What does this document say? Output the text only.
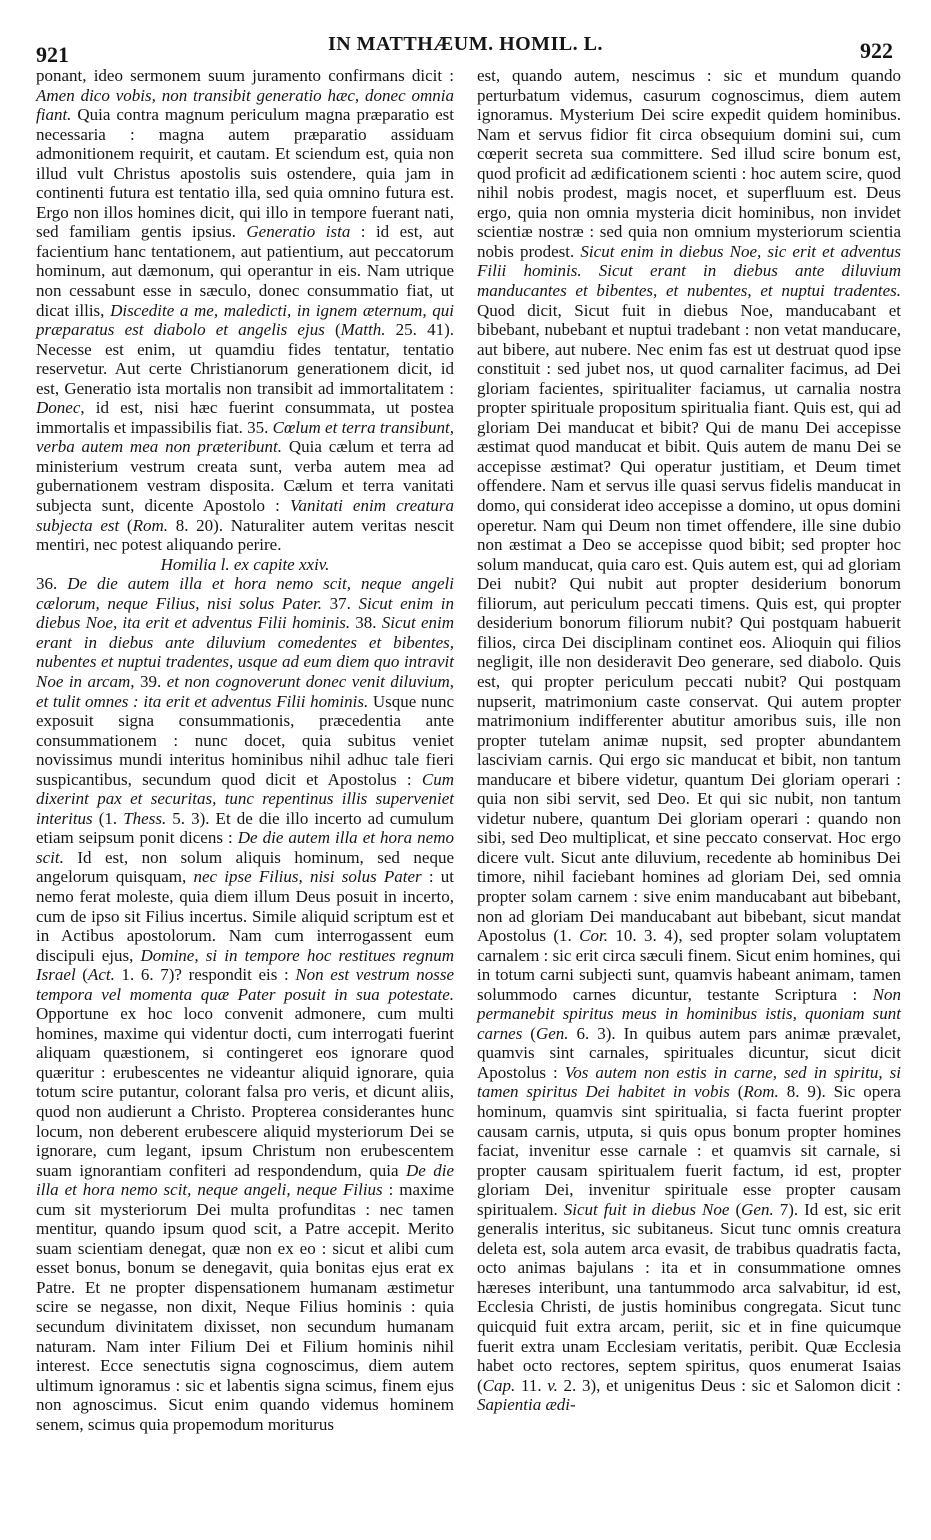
921	IN MATTHÆUM. HOMIL. L.	922

ponant, ideo sermonem suum juramento confirmans dicit : Amen dico vobis, non transibit generatio hæc, donec omnia fiant. Quia contra magnum periculum magna præparatio est necessaria : magna autem præparatio assiduam admonitionem requirit, et cautam. Et sciendum est, quia non illud vult Christus apostolis suis ostendere, quia jam in continenti futura est tentatio illa, sed quia omnino futura est. Ergo non illos homines dicit, qui illo in tempore fuerant nati, sed familiam gentis ipsius. Generatio ista : id est, aut facientium hanc tentationem, aut patientium, aut peccatorum hominum, aut dæmonum, qui operantur in eis. Nam utrique non cessabunt esse in sæculo, donec consummatio fiat, ut dicat illis, Discedite a me, maledicti, in ignem æternum, qui præparatus est diabolo et angelis ejus (Matth. 25. 41). Necesse est enim, ut quamdiu fides tentatur, tentatio reservetur. Aut certe Christianorum generationem dicit, id est, Generatio ista mortalis non transibit ad immortalitatem : Donec, id est, nisi hæc fuerint consummata, ut postea immortalis et impassibilis fiat. 35. Cœlum et terra transibunt, verba autem mea non præteribunt. Quia cælum et terra ad ministerium vestrum creata sunt, verba autem mea ad gubernationem vestram disposita. Cælum et terra vanitati subjecta sunt, dicente Apostolo : Vanitati enim creatura subjecta est (Rom. 8. 20). Naturaliter autem veritas nescit mentiri, nec potest aliquando perire.

Homilia l. ex capite xxiv.

36. De die autem illa et hora nemo scit, neque angeli cælorum, neque Filius, nisi solus Pater. 37. Sicut enim in diebus Noe, ita erit et adventus Filii hominis. 38. Sicut enim erant in diebus ante diluvium comedentes et bibentes, nubentes et nuptui tradentes, usque ad eum diem quo intravit Noe in arcam, 39. et non cognoverunt donec venit diluvium, et tulit omnes : ita erit et adventus Filii hominis. Usque nunc exposuit signa consummationis, præcedentia ante consummationem : nunc docet, quia subitus veniet novissimus mundi interitus hominibus nihil adhuc tale fieri suspicantibus, secundum quod dicit et Apostolus : Cum dixerint pax et securitas, tunc repentinus illis superveniet interitus (1. Thess. 5. 3). Et de die illo incerto ad cumulum etiam seipsum ponit dicens : De die autem illa et hora nemo scit. Id est, non solum aliquis hominum, sed neque angelorum quisquam, nec ipse Filius, nisi solus Pater : ut nemo ferat moleste, quia diem illum Deus posuit in incerto, cum de ipso sit Filius incertus. Simile aliquid scriptum est et in Actibus apostolorum. Nam cum interrogassent eum discipuli ejus, Domine, si in tempore hoc restitues regnum Israel (Act. 1. 6. 7)? respondit eis : Non est vestrum nosse tempora vel momenta quæ Pater posuit in sua potestate. Opportune ex hoc loco convenit admonere, cum multi homines, maxime qui videntur docti, cum interrogati fuerint aliquam quæstionem, si contingeret eos ignorare quod quæritur : erubescentes ne videantur aliquid ignorare, quia totum scire putantur, colorant falsa pro veris, et dicunt aliis, quod non audierunt a Christo. Propterea considerantes hunc locum, non deberent erubescere aliquid mysteriorum Dei se ignorare, cum legant, ipsum Christum non erubescentem suam ignorantiam confiteri ad respondendum, quia De die illa et hora nemo scit, neque angeli, neque Filius : maxime cum sit mysteriorum Dei multa profunditas : nec tamen mentitur, quando ipsum quod scit, a Patre accepit. Merito suam scientiam denegat, quæ non ex eo : sicut et alibi cum esset bonus, bonum se denegavit, quia bonitas ejus erat ex Patre. Et ne propter dispensationem humanam æstimetur scire se negasse, non dixit, Neque Filius hominis : quia secundum divinitatem dixisset, non secundum humanam naturam. Nam inter Filium Dei et Filium hominis nihil interest. Ecce senectutis signa cognoscimus, diem autem ultimum ignoramus : sic et labentis signa scimus, finem ejus non agnoscimus. Sicut enim quando videmus hominem senem, scimus quia propemodum moriturus

est, quando autem, nescimus : sic et mundum quando perturbatum videmus, casurum cognoscimus, diem autem ignoramus. Mysterium Dei scire expedit quidem hominibus. Nam et servus fidior fit circa obsequium domini sui, cum cœperit secreta sua committere. Sed illud scire bonum est, quod proficit ad ædificationem scienti : hoc autem scire, quod nihil nobis prodest, magis nocet, et superfluum est. Deus ergo, quia non omnia mysteria dicit hominibus, non invidet scientiæ nostræ : sed quia non omnium mysteriorum scientia nobis prodest. Sicut enim in diebus Noe, sic erit et adventus Filii hominis. Sicut erant in diebus ante diluvium manducantes et bibentes, et nubentes, et nuptui tradentes. Quod dicit, Sicut fuit in diebus Noe, manducabant et bibebant, nubebant et nuptui tradebant : non vetat manducare, aut bibere, aut nubere. Nec enim fas est ut destruat quod ipse constituit : sed jubet nos, ut quod carnaliter facimus, ad Dei gloriam facientes, spiritualiter faciamus, ut carnalia nostra propter spirituale propositum spiritualia fiant. Quis est, qui ad gloriam Dei manducat et bibit? Qui de manu Dei accepisse æstimat quod manducat et bibit. Quis autem de manu Dei se accepisse æstimat? Qui operatur justitiam, et Deum timet offendere. Nam et servus ille quasi servus fidelis manducat in domo, qui considerat ideo accepisse a domino, ut opus domini operetur. Nam qui Deum non timet offendere, ille sine dubio non æstimat a Deo se accepisse quod bibit; sed propter hoc solum manducat, quia caro est. Quis autem est, qui ad gloriam Dei nubit? Qui nubit aut propter desiderium bonorum filiorum, aut periculum peccati timens. Quis est, qui propter desiderium bonorum filiorum nubit? Qui postquam habuerit filios, circa Dei disciplinam continet eos. Alioquin qui filios negligit, ille non desideravit Deo generare, sed diabolo. Quis est, qui propter periculum peccati nubit? Qui postquam nupserit, matrimonium caste conservat. Qui autem propter matrimonium indifferenter abutitur amoribus suis, ille non propter tutelam animæ nupsit, sed propter abundantem lasciviam carnis. Qui ergo sic manducat et bibit, non tantum manducare et bibere videtur, quantum Dei gloriam operari : quia non sibi servit, sed Deo. Et qui sic nubit, non tantum videtur nubere, quantum Dei gloriam operari : quando non sibi, sed Deo multiplicat, et sine peccato conservat. Hoc ergo dicere vult. Sicut ante diluvium, recedente ab hominibus Dei timore, nihil faciebant homines ad gloriam Dei, sed omnia propter solam carnem : sive enim manducabant aut bibebant, non ad gloriam Dei manducabant aut bibebant, sicut mandat Apostolus (1. Cor. 10. 3. 4), sed propter solam voluptatem carnalem : sic erit circa sæculi finem. Sicut enim homines, qui in totum carni subjecti sunt, quamvis habeant animam, tamen solummodo carnes dicuntur, testante Scriptura : Non permanebit spiritus meus in hominibus istis, quoniam sunt carnes (Gen. 6. 3). In quibus autem pars animæ prævalet, quamvis sint carnales, spirituales dicuntur, sicut dicit Apostolus : Vos autem non estis in carne, sed in spiritu, si tamen spiritus Dei habitet in vobis (Rom. 8. 9). Sic opera hominum, quamvis sint spiritualia, si facta fuerint propter causam carnis, utputa, si quis opus bonum propter homines faciat, invenitur esse carnale : et quamvis sit carnale, si propter causam spiritualem fuerit factum, id est, propter gloriam Dei, invenitur spirituale esse propter causam spiritualem. Sicut fuit in diebus Noe (Gen. 7). Id est, sic erit generalis interitus, sic subitaneus. Sicut tunc omnis creatura deleta est, sola autem arca evasit, de trabibus quadratis facta, octo animas bajulans : ita et in consummatione omnes hæreses interibunt, una tantummodo arca salvabitur, id est, Ecclesia Christi, de justis hominibus congregata. Sicut tunc quicquid fuit extra arcam, periit, sic et in fine quicumque fuerit extra unam Ecclesiam veritatis, peribit. Quæ Ecclesia habet octo rectores, septem spiritus, quos enumerat Isaias (Cap. 11. v. 2. 3), et unigenitus Deus : sic et Salomon dicit : Sapientia ædi-
